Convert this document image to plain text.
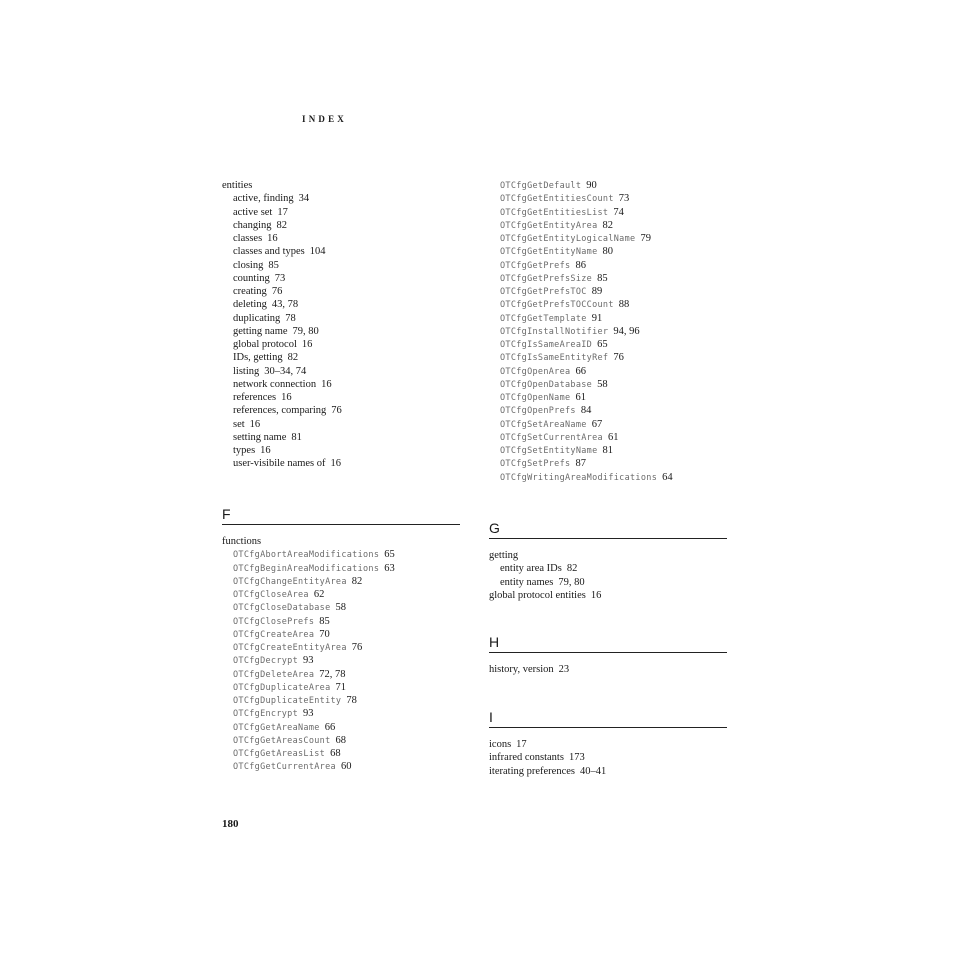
INDEX
entities
active, finding 34
active set 17
changing 82
classes 16
classes and types 104
closing 85
counting 73
creating 76
deleting 43, 78
duplicating 78
getting name 79, 80
global protocol 16
IDs, getting 82
listing 30–34, 74
network connection 16
references 16
references, comparing 76
set 16
setting name 81
types 16
user-visibile names of 16
F
functions
OTCfgAbortAreaModifications 65
OTCfgBeginAreaModifications 63
OTCfgChangeEntityArea 82
OTCfgCloseArea 62
OTCfgCloseDatabase 58
OTCfgClosePrefs 85
OTCfgCreateArea 70
OTCfgCreateEntityArea 76
OTCfgDecrypt 93
OTCfgDeleteArea 72, 78
OTCfgDuplicateArea 71
OTCfgDuplicateEntity 78
OTCfgEncrypt 93
OTCfgGetAreaName 66
OTCfgGetAreasCount 68
OTCfgGetAreasList 68
OTCfgGetCurrentArea 60
OTCfgGetDefault 90
OTCfgGetEntitiesCount 73
OTCfgGetEntitiesList 74
OTCfgGetEntityArea 82
OTCfgGetEntityLogicalName 79
OTCfgGetEntityName 80
OTCfgGetPrefs 86
OTCfgGetPrefsSize 85
OTCfgGetPrefsTOC 89
OTCfgGetPrefsTOCCount 88
OTCfgGetTemplate 91
OTCfgInstallNotifier 94, 96
OTCfgIsSameAreaID 65
OTCfgIsSameEntityRef 76
OTCfgOpenArea 66
OTCfgOpenDatabase 58
OTCfgOpenName 61
OTCfgOpenPrefs 84
OTCfgSetAreaName 67
OTCfgSetCurrentArea 61
OTCfgSetEntityName 81
OTCfgSetPrefs 87
OTCfgWritingAreaModifications 64
G
getting
entity area IDs 82
entity names 79, 80
global protocol entities 16
H
history, version 23
I
icons 17
infrared constants 173
iterating preferences 40–41
180
